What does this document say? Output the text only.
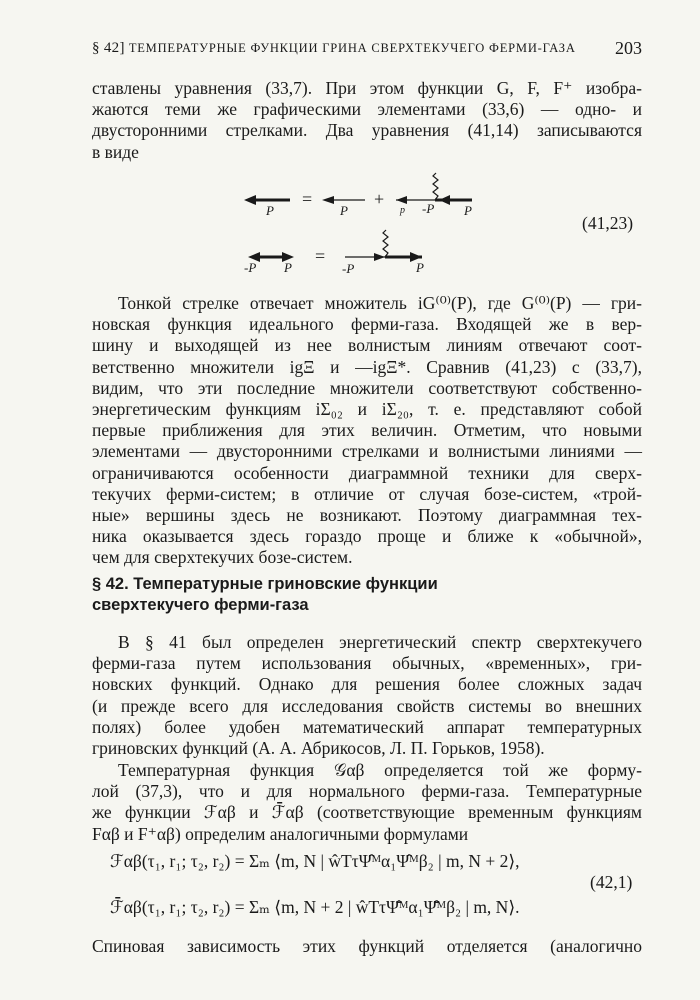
§ 42] ТЕМПЕРАТУРНЫЕ ФУНКЦИИ ГРИНА СВЕРХТЕКУЧЕГО ФЕРМИ-ГАЗА 203
ставлены уравнения (33,7). При этом функции G, F, F⁺ изобра-
жаются теми же графическими элементами (33,6) — одно- и
двусторонними стрелками. Два уравнения (41,14) записываются
в виде
P
=
P
+
p -P P
-P P
=
-P	P
(41,23)
Тонкой стрелке отвечает множитель iG⁽⁰⁾(P), где G⁽⁰⁾(P) — гри-
новская функция идеального ферми-газа. Входящей же в вер-
шину и выходящей из нее волнистым линиям отвечают соот-
ветственно множители igΞ и —igΞ*. Сравнив (41,23) с (33,7),
видим, что эти последние множители соответствуют собственно-
энергетическим функциям iΣ₀₂ и iΣ₂₀, т. е. представляют собой
первые приближения для этих величин. Отметим, что новыми
элементами — двусторонними стрелками и волнистыми линиями —
ограничиваются особенности диаграммной техники для сверх-
текучих ферми-систем; в отличие от случая бозе-систем, «трой-
ные» вершины здесь не возникают. Поэтому диаграммная тех-
ника оказывается здесь гораздо проще и ближе к «обычной»,
чем для сверхтекучих бозе-систем.
§ 42. Температурные гриновские функции
сверхтекучего ферми-газа
В § 41 был определен энергетический спектр сверхтекучего
ферми-газа путем использования обычных, «временных», гри-
новских функций. Однако для решения более сложных задач
(и прежде всего для исследования свойств системы во внешних
полях) более удобен математический аппарат температурных
гриновских функций (А. А. Абрикосов, Л. П. Горьков, 1958).
Температурная функция 𝒢αβ определяется той же форму-
лой (37,3), что и для нормального ферми-газа. Температурные
же функции ℱαβ и ℱ̄αβ (соответствующие временным функциям
Fαβ и F⁺αβ) определим аналогичными формулами
ℱαβ(τ₁, r₁; τ₂, r₂) = Σₘ ⟨m, N | ŵTτΨ̂ᴹα₁Ψ̂ᴹβ₂ | m, N + 2⟩,
ℱ̄αβ(τ₁, r₁; τ₂, r₂) = Σₘ ⟨m, N + 2 | ŵTτΨ̂̄ᴹα₁Ψ̂̄ᴹβ₂ | m, N⟩.
(42,1)
Спиновая зависимость этих функций отделяется (аналогично
